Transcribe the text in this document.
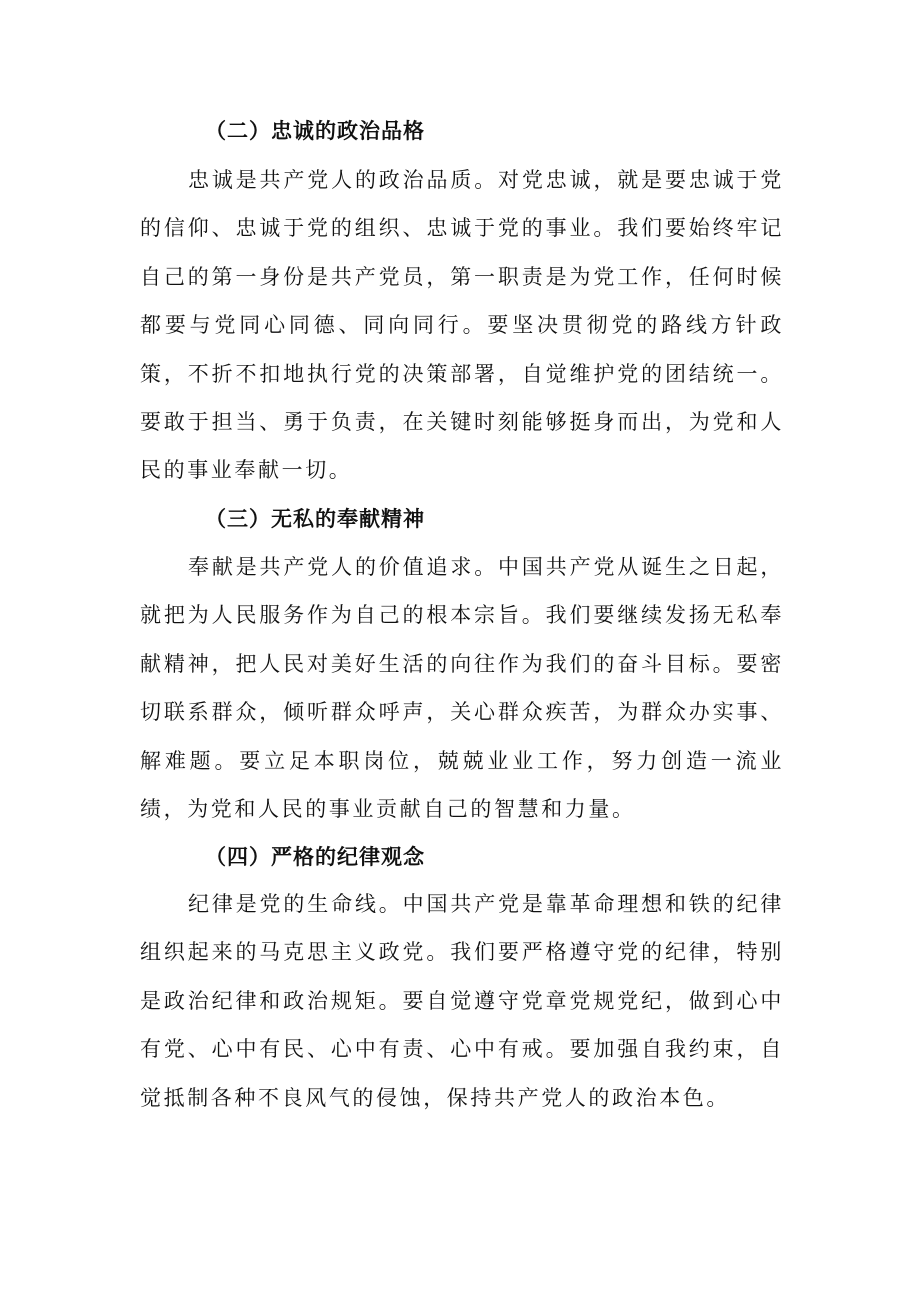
（二）忠诚的政治品格

忠诚是共产党人的政治品质。对党忠诚，就是要忠诚于党的信仰、忠诚于党的组织、忠诚于党的事业。我们要始终牢记自己的第一身份是共产党员，第一职责是为党工作，任何时候都要与党同心同德、同向同行。要坚决贯彻党的路线方针政策，不折不扣地执行党的决策部署，自觉维护党的团结统一。要敢于担当、勇于负责，在关键时刻能够挺身而出，为党和人民的事业奉献一切。

（三）无私的奉献精神

奉献是共产党人的价值追求。中国共产党从诞生之日起，就把为人民服务作为自己的根本宗旨。我们要继续发扬无私奉献精神，把人民对美好生活的向往作为我们的奋斗目标。要密切联系群众，倾听群众呼声，关心群众疾苦，为群众办实事、解难题。要立足本职岗位，兢兢业业工作，努力创造一流业绩，为党和人民的事业贡献自己的智慧和力量。

（四）严格的纪律观念

纪律是党的生命线。中国共产党是靠革命理想和铁的纪律组织起来的马克思主义政党。我们要严格遵守党的纪律，特别是政治纪律和政治规矩。要自觉遵守党章党规党纪，做到心中有党、心中有民、心中有责、心中有戒。要加强自我约束，自觉抵制各种不良风气的侵蚀，保持共产党人的政治本色。
